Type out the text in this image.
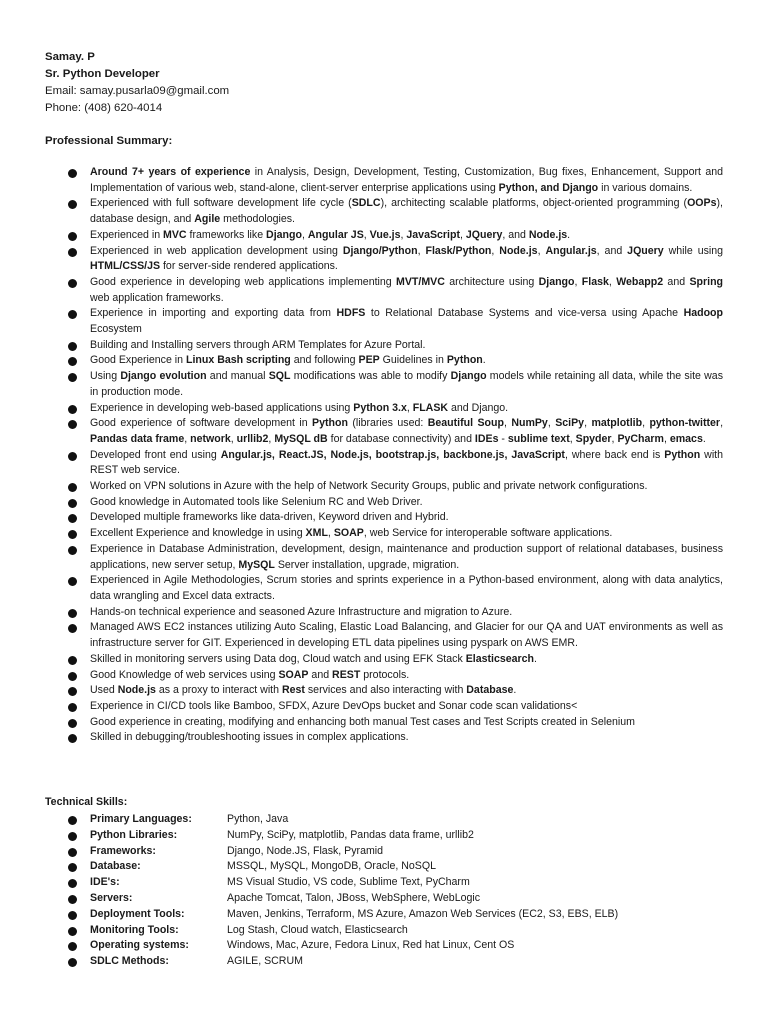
Samay. P
Sr. Python Developer
Email: samay.pusarla09@gmail.com
Phone: (408) 620-4014
Professional Summary:
Around 7+ years of experience in Analysis, Design, Development, Testing, Customization, Bug fixes, Enhancement, Support and Implementation of various web, stand-alone, client-server enterprise applications using Python, and Django in various domains.
Experienced with full software development life cycle (SDLC), architecting scalable platforms, object-oriented programming (OOPs), database design, and Agile methodologies.
Experienced in MVC frameworks like Django, Angular JS, Vue.js, JavaScript, JQuery, and Node.js.
Experienced in web application development using Django/Python, Flask/Python, Node.js, Angular.js, and JQuery while using HTML/CSS/JS for server-side rendered applications.
Good experience in developing web applications implementing MVT/MVC architecture using Django, Flask, Webapp2 and Spring web application frameworks.
Experience in importing and exporting data from HDFS to Relational Database Systems and vice-versa using Apache Hadoop Ecosystem
Building and Installing servers through ARM Templates for Azure Portal.
Good Experience in Linux Bash scripting and following PEP Guidelines in Python.
Using Django evolution and manual SQL modifications was able to modify Django models while retaining all data, while the site was in production mode.
Experience in developing web-based applications using Python 3.x, FLASK and Django.
Good experience of software development in Python (libraries used: Beautiful Soup, NumPy, SciPy, matplotlib, python-twitter, Pandas data frame, network, urllib2, MySQL dB for database connectivity) and IDEs - sublime text, Spyder, PyCharm, emacs.
Developed front end using Angular.js, React.JS, Node.js, bootstrap.js, backbone.js, JavaScript, where back end is Python with REST web service.
Worked on VPN solutions in Azure with the help of Network Security Groups, public and private network configurations.
Good knowledge in Automated tools like Selenium RC and Web Driver.
Developed multiple frameworks like data-driven, Keyword driven and Hybrid.
Excellent Experience and knowledge in using XML, SOAP, web Service for interoperable software applications.
Experience in Database Administration, development, design, maintenance and production support of relational databases, business applications, new server setup, MySQL Server installation, upgrade, migration.
Experienced in Agile Methodologies, Scrum stories and sprints experience in a Python-based environment, along with data analytics, data wrangling and Excel data extracts.
Hands-on technical experience and seasoned Azure Infrastructure and migration to Azure.
Managed AWS EC2 instances utilizing Auto Scaling, Elastic Load Balancing, and Glacier for our QA and UAT environments as well as infrastructure server for GIT. Experienced in developing ETL data pipelines using pyspark on AWS EMR.
Skilled in monitoring servers using Data dog, Cloud watch and using EFK Stack Elasticsearch.
Good Knowledge of web services using SOAP and REST protocols.
Used Node.js as a proxy to interact with Rest services and also interacting with Database.
Experience in CI/CD tools like Bamboo, SFDX, Azure DevOps bucket and Sonar code scan validations<
Good experience in creating, modifying and enhancing both manual Test cases and Test Scripts created in Selenium
Skilled in debugging/troubleshooting issues in complex applications.
Technical Skills:
Primary Languages:	Python, Java
Python Libraries:	NumPy, SciPy, matplotlib, Pandas data frame, urllib2
Frameworks:	Django, Node.JS, Flask, Pyramid
Database:	MSSQL, MySQL, MongoDB, Oracle, NoSQL
IDE's:	MS Visual Studio, VS code, Sublime Text, PyCharm
Servers:	Apache Tomcat, Talon, JBoss, WebSphere, WebLogic
Deployment Tools:	Maven, Jenkins, Terraform, MS Azure, Amazon Web Services (EC2, S3, EBS, ELB)
Monitoring Tools:	Log Stash, Cloud watch, Elasticsearch
Operating systems:	Windows, Mac, Azure, Fedora Linux, Red hat Linux, Cent OS
SDLC Methods:	AGILE, SCRUM
